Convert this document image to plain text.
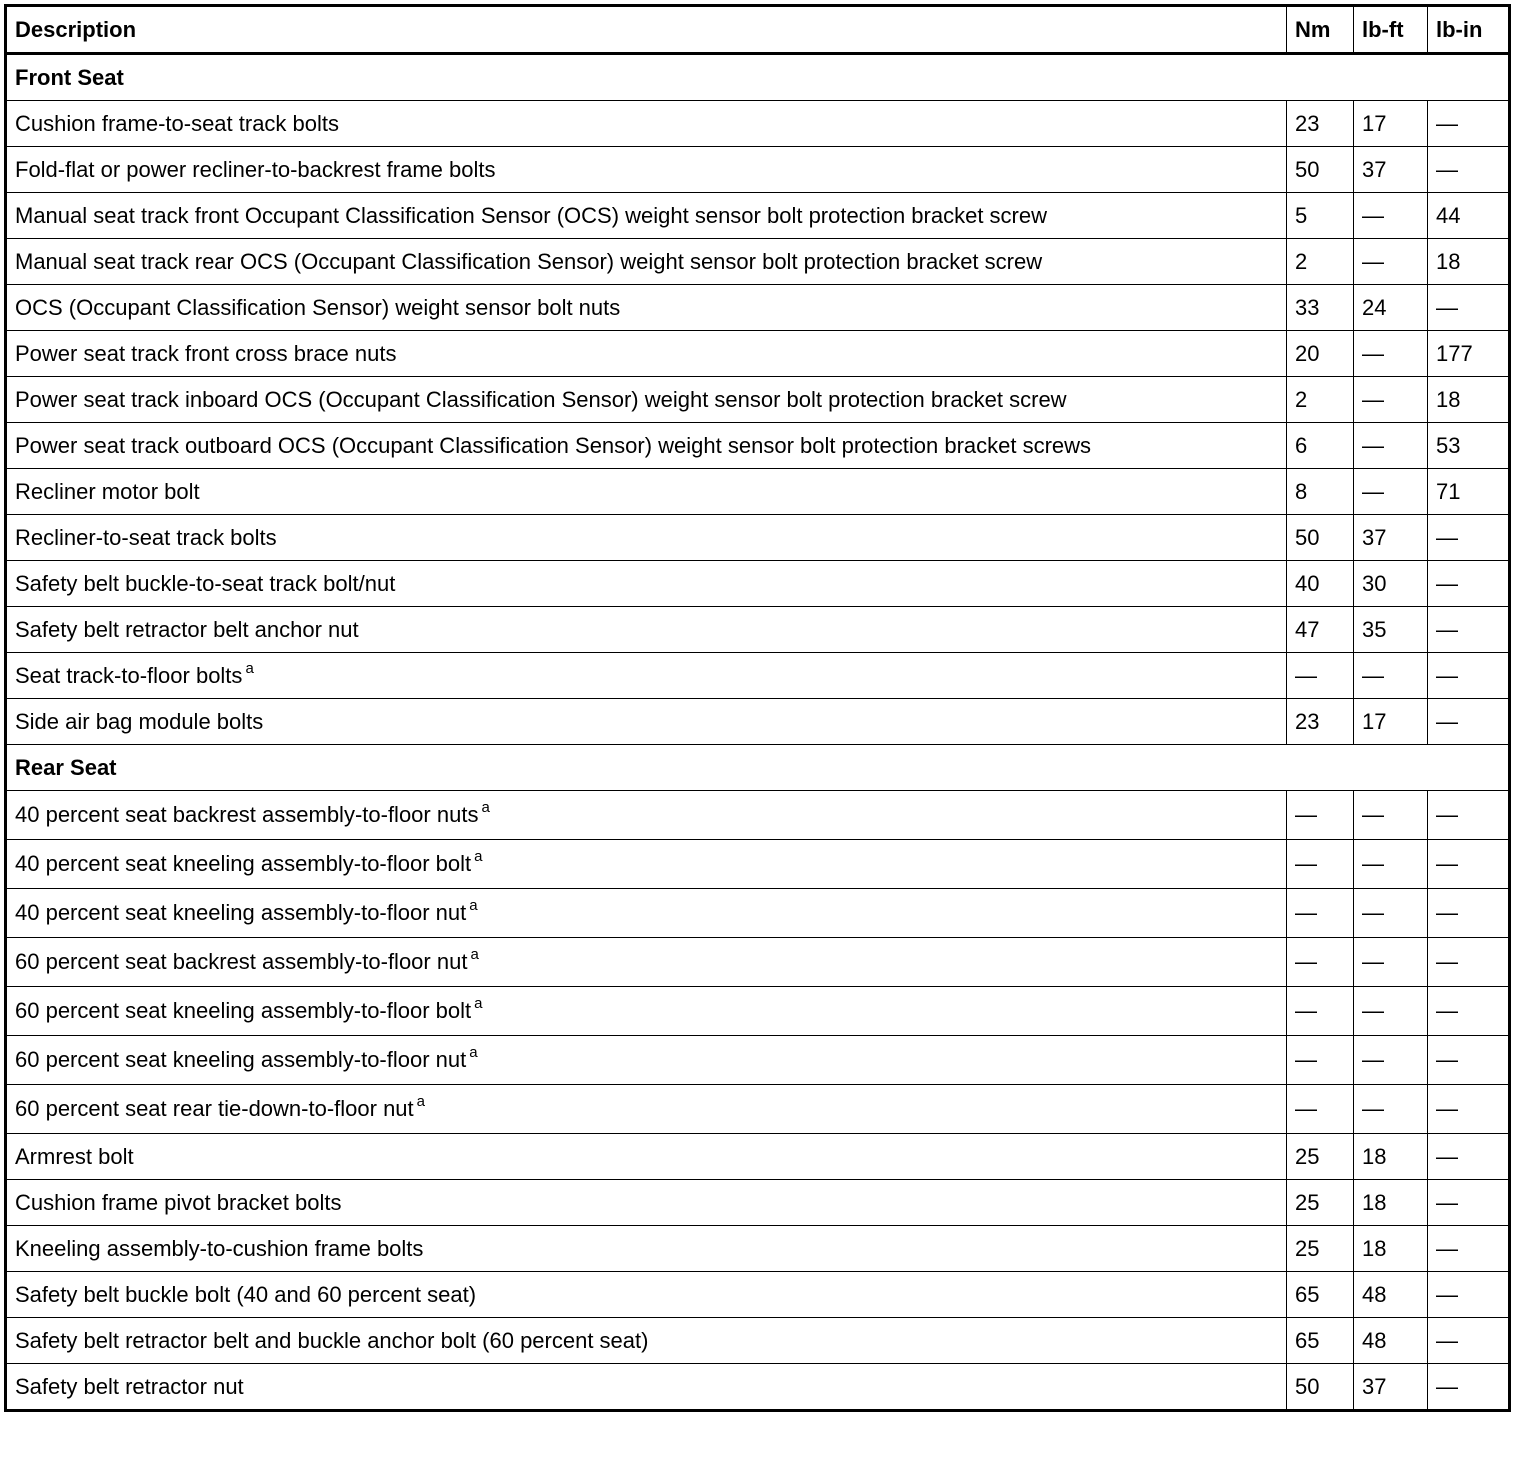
Description	Nm	lb-ft	lb-in
Front Seat			
Cushion frame-to-seat track bolts	23	17	—
Fold-flat or power recliner-to-backrest frame bolts	50	37	—
Manual seat track front Occupant Classification Sensor (OCS) weight sensor bolt protection bracket screw	5	—	44
Manual seat track rear OCS (Occupant Classification Sensor) weight sensor bolt protection bracket screw	2	—	18
OCS (Occupant Classification Sensor) weight sensor bolt nuts	33	24	—
Power seat track front cross brace nuts	20	—	177
Power seat track inboard OCS (Occupant Classification Sensor) weight sensor bolt protection bracket screw	2	—	18
Power seat track outboard OCS (Occupant Classification Sensor) weight sensor bolt protection bracket screws	6	—	53
Recliner motor bolt	8	—	71
Recliner-to-seat track bolts	50	37	—
Safety belt buckle-to-seat track bolt/nut	40	30	—
Safety belt retractor belt anchor nut	47	35	—
Seat track-to-floor bolts $^a$	—	—	—
Side air bag module bolts	23	17	—
Rear Seat			
40 percent seat backrest assembly-to-floor nuts $^a$	—	—	—
40 percent seat kneeling assembly-to-floor bolt $^a$	—	—	—
40 percent seat kneeling assembly-to-floor nut $^a$	—	—	—
60 percent seat backrest assembly-to-floor nut $^a$	—	—	—
60 percent seat kneeling assembly-to-floor bolt $^a$	—	—	—
60 percent seat kneeling assembly-to-floor nut $^a$	—	—	—
60 percent seat rear tie-down-to-floor nut $^a$	—	—	—
Armrest bolt	25	18	—
Cushion frame pivot bracket bolts	25	18	—
Kneeling assembly-to-cushion frame bolts	25	18	—
Safety belt buckle bolt (40 and 60 percent seat)	65	48	—
Safety belt retractor belt and buckle anchor bolt (60 percent seat)	65	48	—
Safety belt retractor nut	50	37	—
